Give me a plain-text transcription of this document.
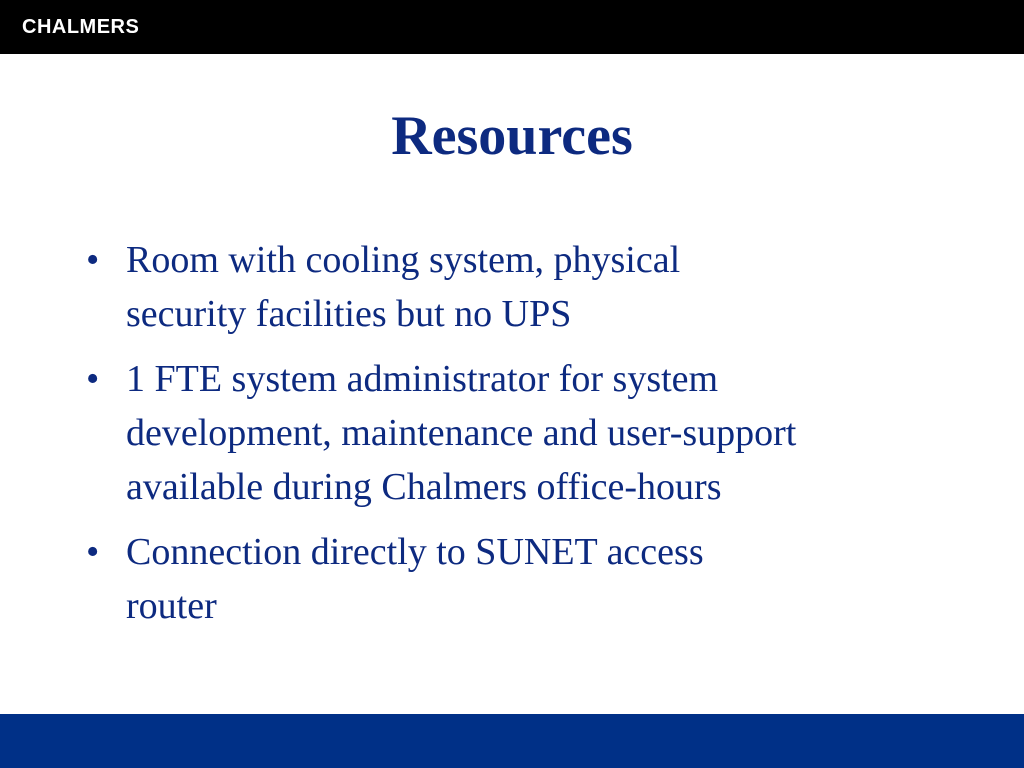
CHALMERS
Resources
• Room with cooling system, physical
security facilities but no UPS
• 1 FTE system administrator for system
development, maintenance and user-support
available during Chalmers office-hours
• Connection directly to SUNET access
router
